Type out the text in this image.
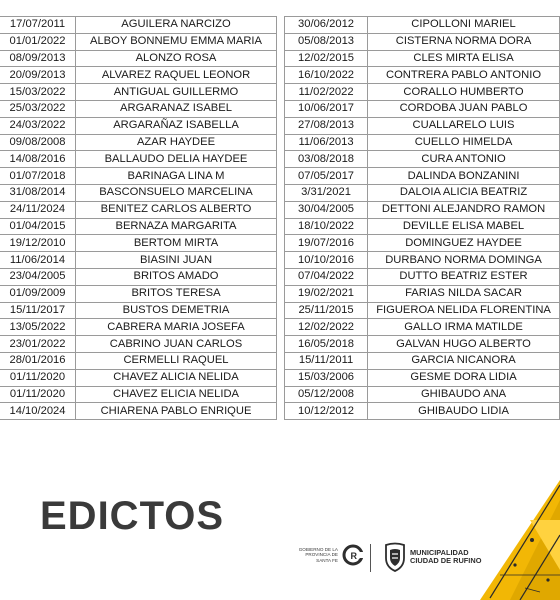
17/07/2011	AGUILERA NARCIZO
01/01/2022	ALBOY BONNEMU EMMA MARIA
08/09/2013	ALONZO ROSA
20/09/2013	ALVAREZ RAQUEL LEONOR
15/03/2022	ANTIGUAL GUILLERMO
25/03/2022	ARGARANAZ ISABEL
24/03/2022	ARGARAÑAZ ISABELLA
09/08/2008	AZAR HAYDEE
14/08/2016	BALLAUDO DELIA HAYDEE
01/07/2018	BARINAGA LINA M
31/08/2014	BASCONSUELO MARCELINA
24/11/2024	BENITEZ CARLOS ALBERTO
01/04/2015	BERNAZA MARGARITA
19/12/2010	BERTOM MIRTA
11/06/2014	BIASINI JUAN
23/04/2005	BRITOS AMADO
01/09/2009	BRITOS TERESA
15/11/2017	BUSTOS DEMETRIA
13/05/2022	CABRERA MARIA JOSEFA
23/01/2022	CABRINO JUAN CARLOS
28/01/2016	CERMELLI RAQUEL
01/11/2020	CHAVEZ ALICIA NELIDA
01/11/2020	CHAVEZ ELICIA NELIDA
14/10/2024	CHIARENA PABLO ENRIQUE
30/06/2012	CIPOLLONI MARIEL
05/08/2013	CISTERNA NORMA DORA
12/02/2015	CLES MIRTA ELISA
16/10/2022	CONTRERA PABLO ANTONIO
11/02/2022	CORALLO HUMBERTO
10/06/2017	CORDOBA JUAN PABLO
27/08/2013	CUALLARELO LUIS
11/06/2013	CUELLO HIMELDA
03/08/2018	CURA ANTONIO
07/05/2017	DALINDA BONZANINI
3/31/2021	DALOIA ALICIA BEATRIZ
30/04/2005	DETTONI ALEJANDRO RAMON
18/10/2022	DEVILLE ELISA MABEL
19/07/2016	DOMINGUEZ HAYDEE
10/10/2016	DURBANO NORMA DOMINGA
07/04/2022	DUTTO BEATRIZ ESTER
19/02/2021	FARIAS NILDA SACAR
25/11/2015	FIGUEROA NELIDA FLORENTINA
12/02/2022	GALLO IRMA MATILDE
16/05/2018	GALVAN HUGO ALBERTO
15/11/2011	GARCIA NICANORA
15/03/2006	GESME DORA LIDIA
05/12/2008	GHIBAUDO ANA
10/12/2012	GHIBAUDO LIDIA
EDICTOS
GOBIERNO DE LA
PROVINCIA DE SANTA FE R	MUNICIPALIDAD
CIUDAD DE RUFINO
